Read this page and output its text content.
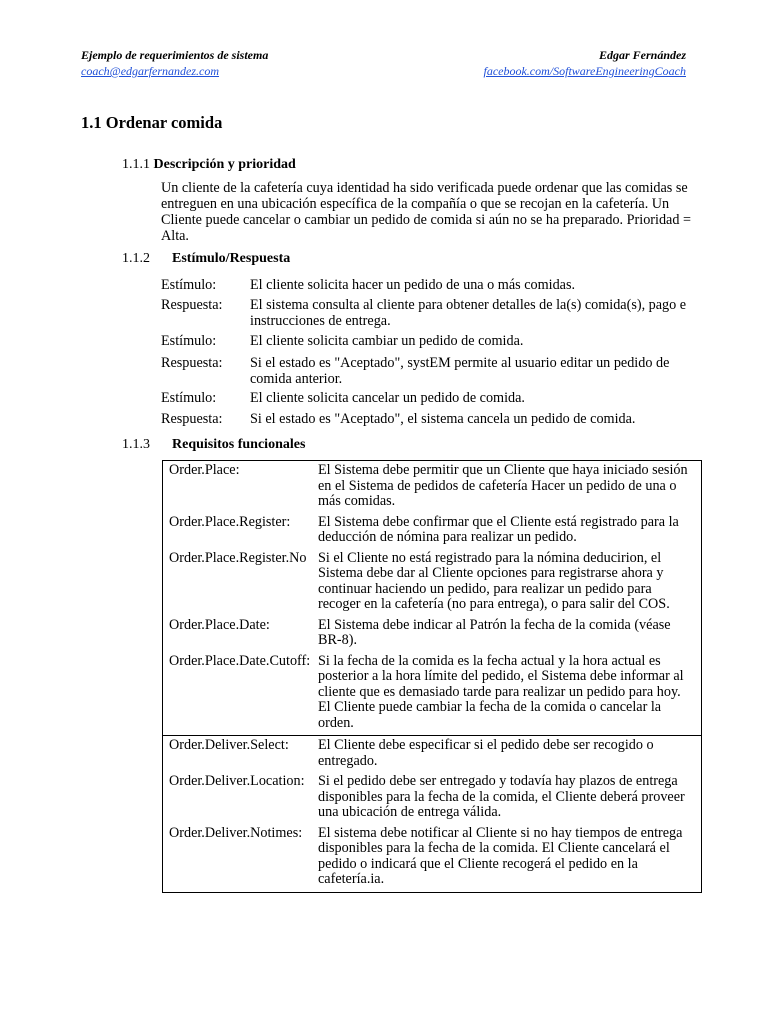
Ejemplo de requerimientos de sistema	Edgar Fernández
coach@edgarfernandez.com	facebook.com/SoftwareEngineeringCoach
1.1 Ordenar comida
1.1.1 Descripción y prioridad
Un cliente de la cafetería cuya identidad ha sido verificada puede ordenar que las comidas se entreguen en una ubicación específica de la compañía o que se recojan en la cafetería. Un Cliente puede cancelar o cambiar un pedido de comida si aún no se ha preparado. Prioridad = Alta.
1.1.2 Estímulo/Respuesta
Estímulo:	El cliente solicita hacer un pedido de una o más comidas.
Respuesta:	El sistema consulta al cliente para obtener detalles de la(s) comida(s), pago e instrucciones de entrega.
Estímulo:	El cliente solicita cambiar un pedido de comida.
Respuesta:	Si el estado es "Aceptado", systEM permite al usuario editar un pedido de comida anterior.
Estímulo:	El cliente solicita cancelar un pedido de comida.
Respuesta:	Si el estado es "Aceptado", el sistema cancela un pedido de comida.
1.1.3 Requisitos funcionales
Order.Place:	El Sistema debe permitir que un Cliente que haya iniciado sesión en el Sistema de pedidos de cafetería Hacer un pedido de una o más comidas.
Order.Place.Register:	El Sistema debe confirmar que el Cliente está registrado para la deducción de nómina para realizar un pedido.
Order.Place.Register.No	Si el Cliente no está registrado para la nómina deducirion, el Sistema debe dar al Cliente opciones para registrarse ahora y continuar haciendo un pedido, para realizar un pedido para recoger en la cafetería (no para entrega), o para salir del COS.
Order.Place.Date:	El Sistema debe indicar al Patrón la fecha de la comida (véase BR-8).
Order.Place.Date.Cutoff:	Si la fecha de la comida es la fecha actual y la hora actual es posterior a la hora límite del pedido, el Sistema debe informar al cliente que es demasiado tarde para realizar un pedido para hoy. El Cliente puede cambiar la fecha de la comida o cancelar la orden.
Order.Deliver.Select:	El Cliente debe especificar si el pedido debe ser recogido o entregado.
Order.Deliver.Location:	Si el pedido debe ser entregado y todavía hay plazos de entrega disponibles para la fecha de la comida, el Cliente deberá proveer una ubicación de entrega válida.
Order.Deliver.Notimes:	El sistema debe notificar al Cliente si no hay tiempos de entrega disponibles para la fecha de la comida. El Cliente cancelará el pedido o indicará que el Cliente recogerá el pedido en la cafetería.ia.
